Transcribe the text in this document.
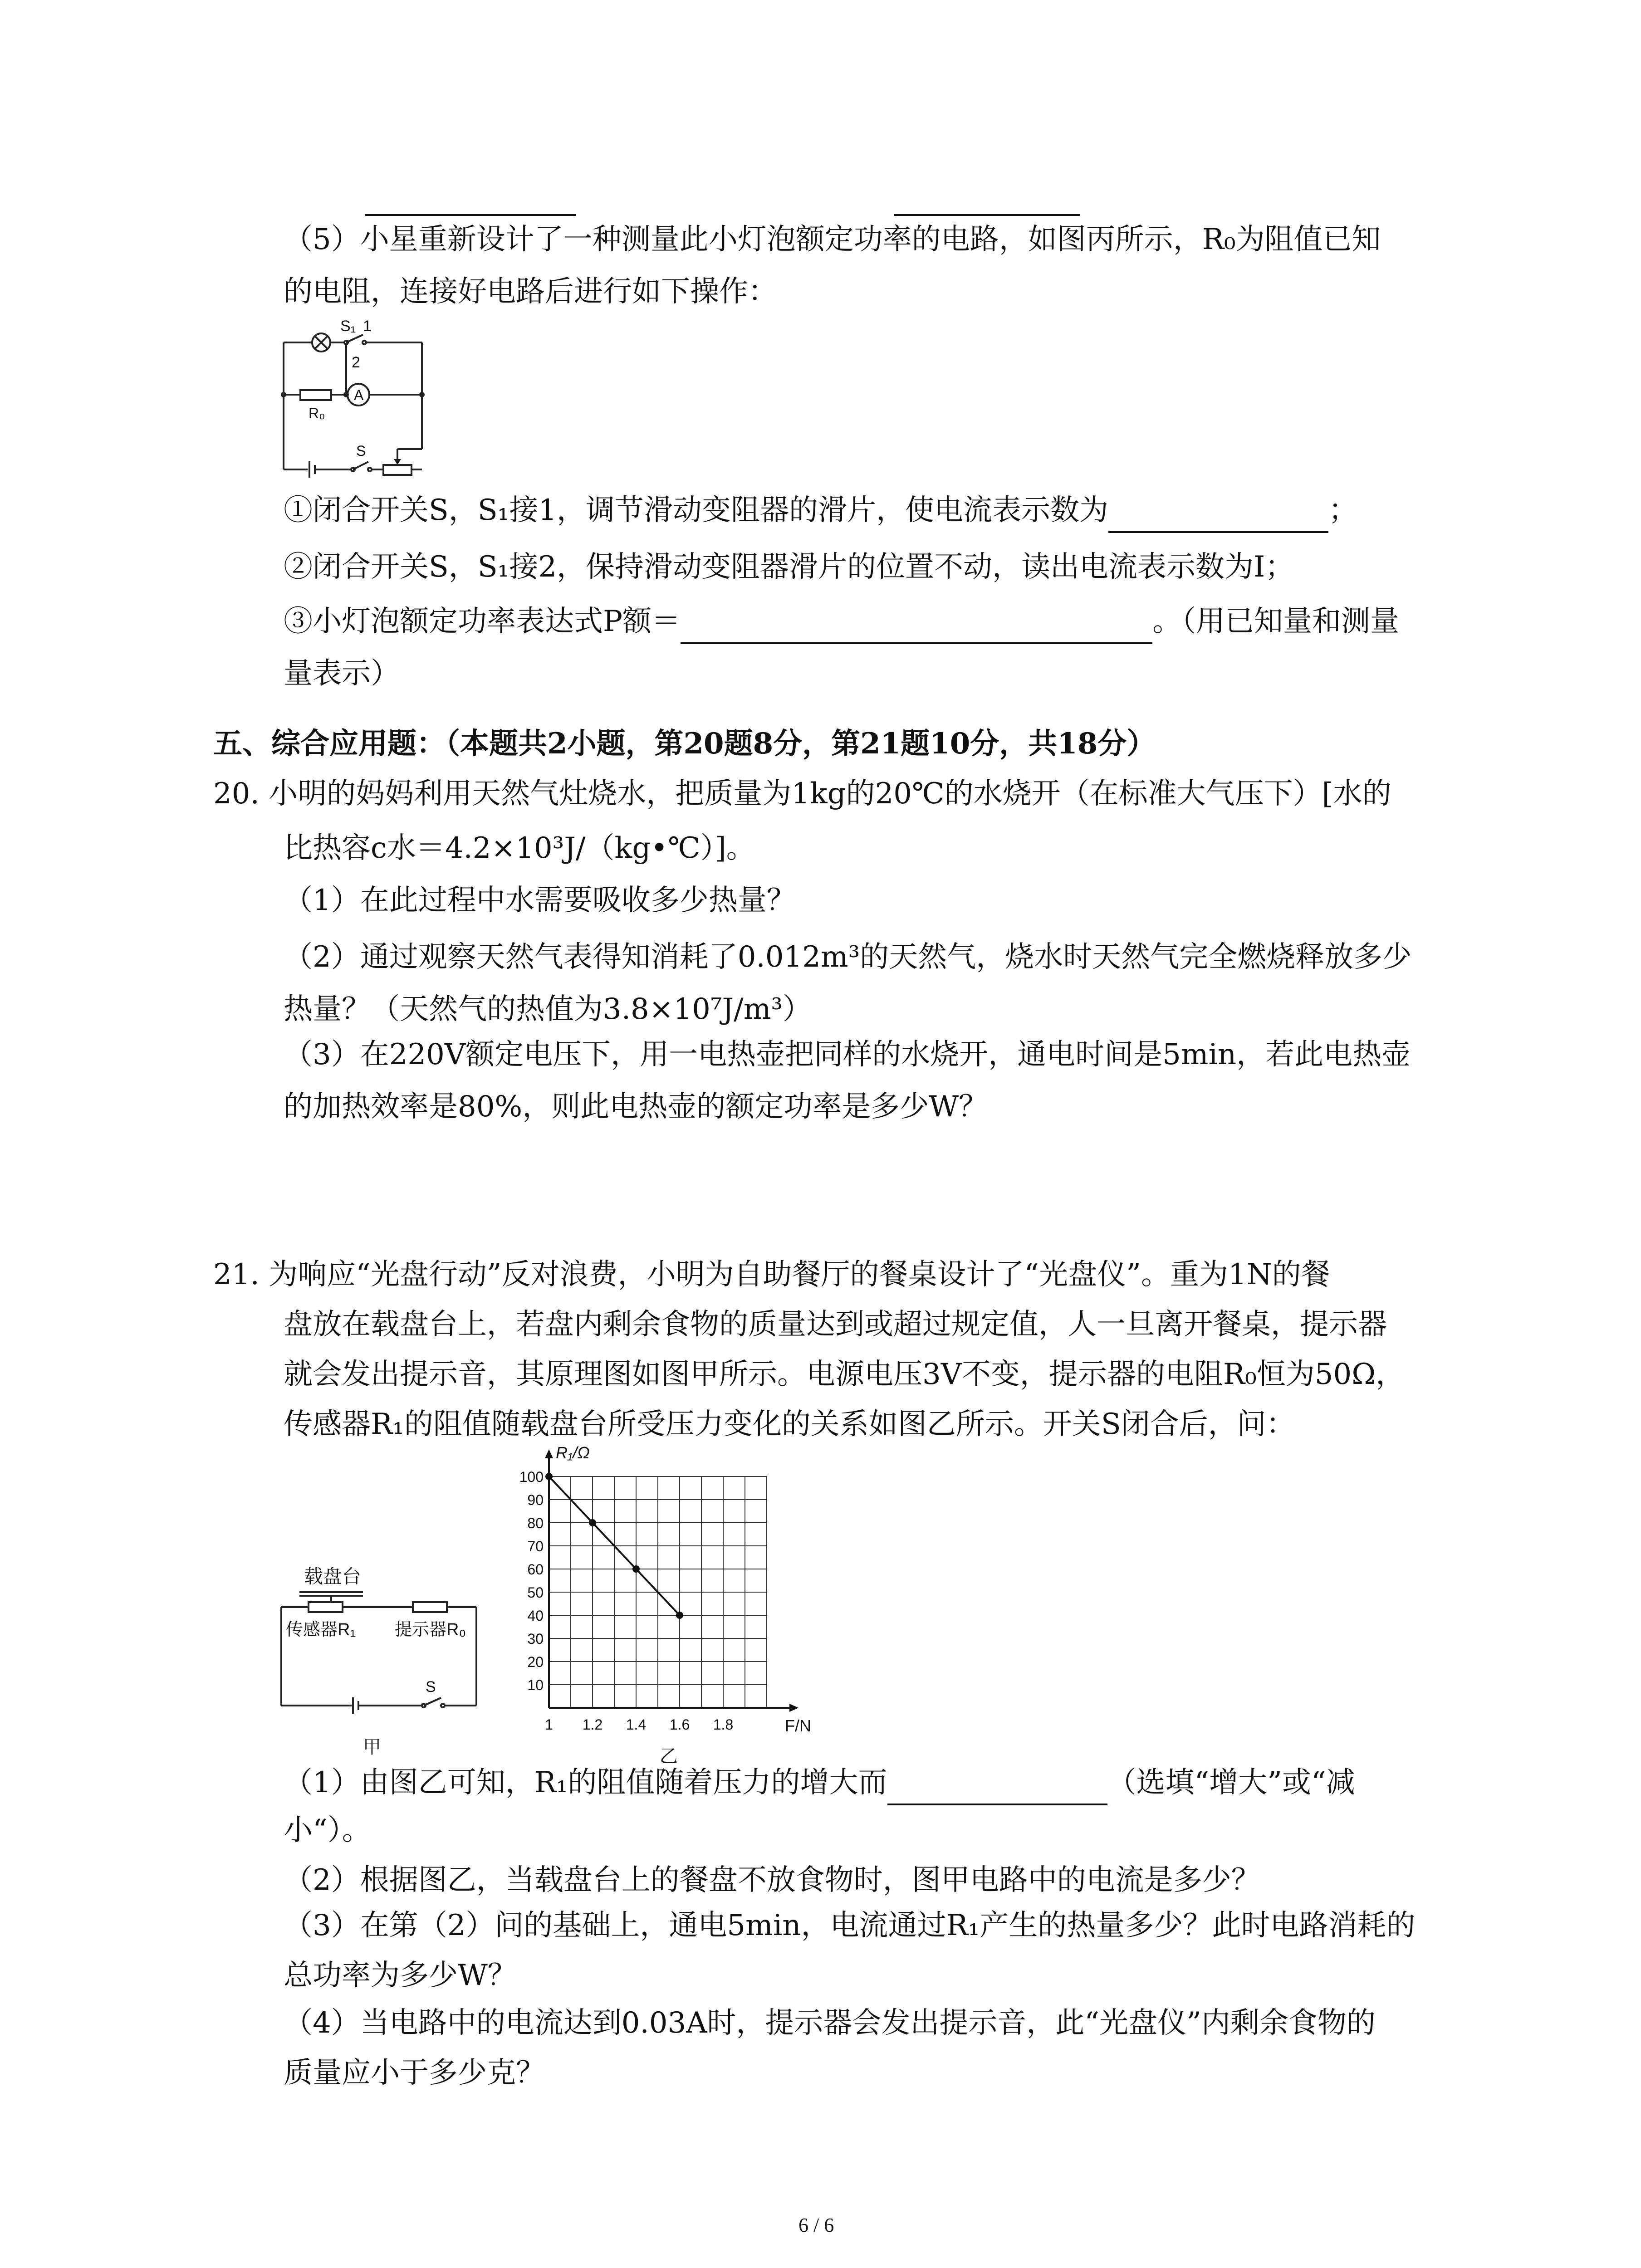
（5）小星重新设计了一种测量此小灯泡额定功率的电路，如图丙所示，R₀为阻值已知
的电阻，连接好电路后进行如下操作：
S₁ 1
2
R₀
A
S
①闭合开关S，S₁接1，调节滑动变阻器的滑片，使电流表示数为	；
②闭合开关S，S₁接2，保持滑动变阻器滑片的位置不动，读出电流表示数为I；
③小灯泡额定功率表达式P额＝	。（用已知量和测量
量表示）
五、综合应用题：（本题共2小题，第20题8分，第21题10分，共18分）
20. 小明的妈妈利用天然气灶烧水，把质量为1kg的20℃的水烧开（在标准大气压下）[水的
比热容c水＝4.2×10³J/（kg•℃）]。
（1）在此过程中水需要吸收多少热量？
（2）通过观察天然气表得知消耗了0.012m³的天然气，烧水时天然气完全燃烧释放多少
热量？（天然气的热值为3.8×10⁷J/m³）
（3）在220V额定电压下，用一电热壶把同样的水烧开，通电时间是5min，若此电热壶
的加热效率是80%，则此电热壶的额定功率是多少W？
21. 为响应“光盘行动”反对浪费，小明为自助餐厅的餐桌设计了“光盘仪”。重为1N的餐
盘放在载盘台上，若盘内剩余食物的质量达到或超过规定值，人一旦离开餐桌，提示器
就会发出提示音，其原理图如图甲所示。电源电压3V不变，提示器的电阻R₀恒为50Ω，
传感器R₁的阻值随载盘台所受压力变化的关系如图乙所示。开关S闭合后，问：
载盘台
传感器R₁ 提示器R₀
S
甲
10
20
30
40
50
60
70
80
90
100
1 1.2 1.4 1.6 1.8
R₁/Ω
F/N
乙
（1）由图乙可知，R₁的阻值随着压力的增大而	（选填“增大”或“减
小“）。
（2）根据图乙，当载盘台上的餐盘不放食物时，图甲电路中的电流是多少？
（3）在第（2）问的基础上，通电5min，电流通过R₁产生的热量多少？此时电路消耗的
总功率为多少W？
（4）当电路中的电流达到0.03A时，提示器会发出提示音，此“光盘仪”内剩余食物的
质量应小于多少克？
6 / 6
